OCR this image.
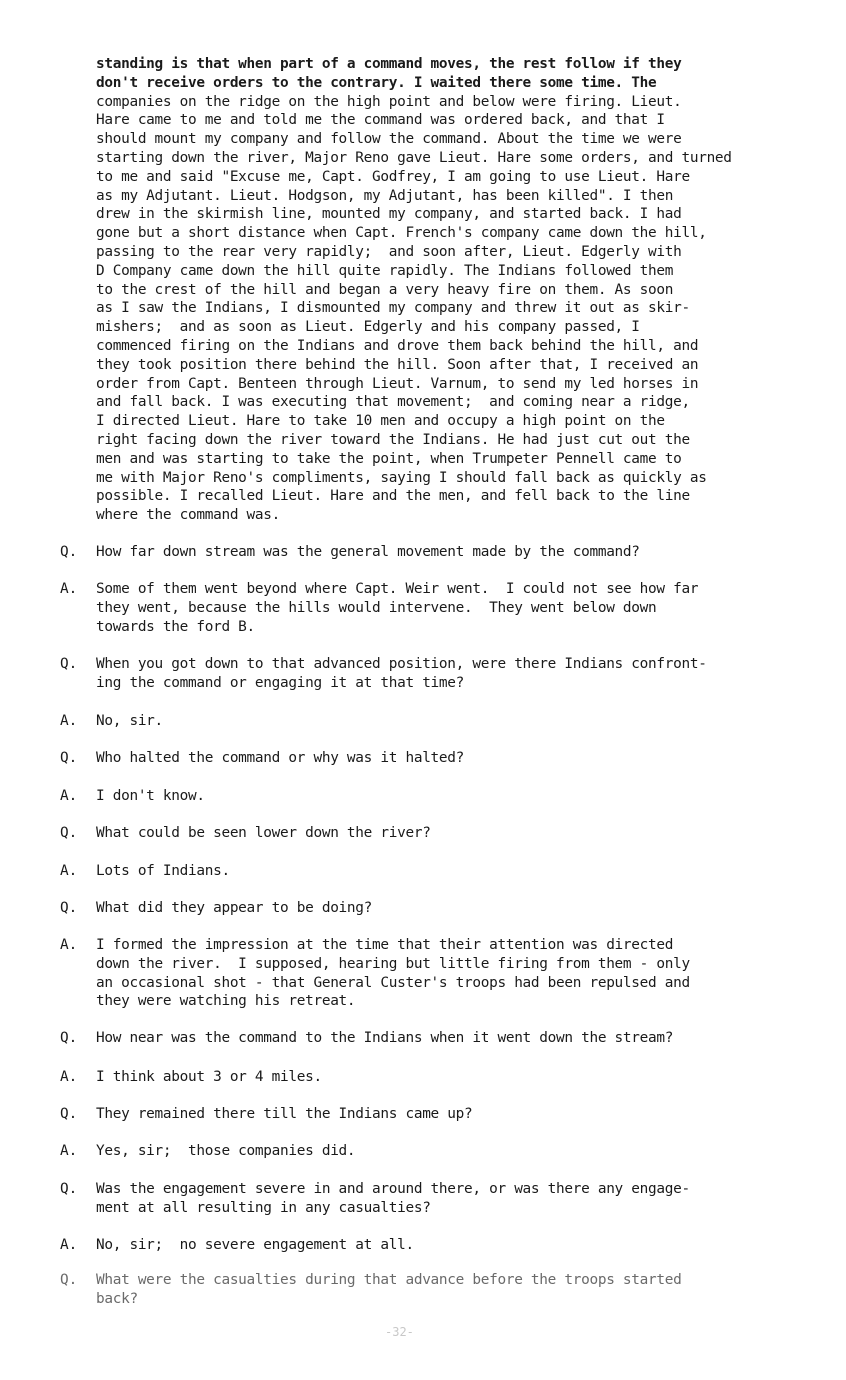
standing is that when part of a command moves, the rest follow if they
don't receive orders to the contrary. I waited there some time. The
companies on the ridge on the high point and below were firing. Lieut.
Hare came to me and told me the command was ordered back, and that I
should mount my company and follow the command. About the time we were
starting down the river, Major Reno gave Lieut. Hare some orders, and turned
to me and said "Excuse me, Capt. Godfrey, I am going to use Lieut. Hare
as my Adjutant. Lieut. Hodgson, my Adjutant, has been killed". I then
drew in the skirmish line, mounted my company, and started back. I had
gone but a short distance when Capt. French's company came down the hill,
passing to the rear very rapidly;  and soon after, Lieut. Edgerly with
D Company came down the hill quite rapidly. The Indians followed them
to the crest of the hill and began a very heavy fire on them. As soon
as I saw the Indians, I dismounted my company and threw it out as skir-
mishers;  and as soon as Lieut. Edgerly and his company passed, I
commenced firing on the Indians and drove them back behind the hill, and
they took position there behind the hill. Soon after that, I received an
order from Capt. Benteen through Lieut. Varnum, to send my led horses in
and fall back. I was executing that movement;  and coming near a ridge,
I directed Lieut. Hare to take 10 men and occupy a high point on the
right facing down the river toward the Indians. He had just cut out the
men and was starting to take the point, when Trumpeter Pennell came to
me with Major Reno's compliments, saying I should fall back as quickly as
possible. I recalled Lieut. Hare and the men, and fell back to the line
where the command was.
Q.	How far down stream was the general movement made by the command?
A.	Some of them went beyond where Capt. Weir went.  I could not see how far
they went, because the hills would intervene.  They went below down
towards the ford B.
Q.	When you got down to that advanced position, were there Indians confront-
ing the command or engaging it at that time?
A.	No, sir.
Q.	Who halted the command or why was it halted?
A.	I don't know.
Q.	What could be seen lower down the river?
A.	Lots of Indians.
Q.	What did they appear to be doing?
A.	I formed the impression at the time that their attention was directed
down the river.  I supposed, hearing but little firing from them - only
an occasional shot - that General Custer's troops had been repulsed and
they were watching his retreat.
Q.	How near was the command to the Indians when it went down the stream?
A.	I think about 3 or 4 miles.
Q.	They remained there till the Indians came up?
A.	Yes, sir;  those companies did.
Q.	Was the engagement severe in and around there, or was there any engage-
ment at all resulting in any casualties?
A.	No, sir;  no severe engagement at all.
Q.	What were the casualties during that advance before the troops started
back?
-32-
